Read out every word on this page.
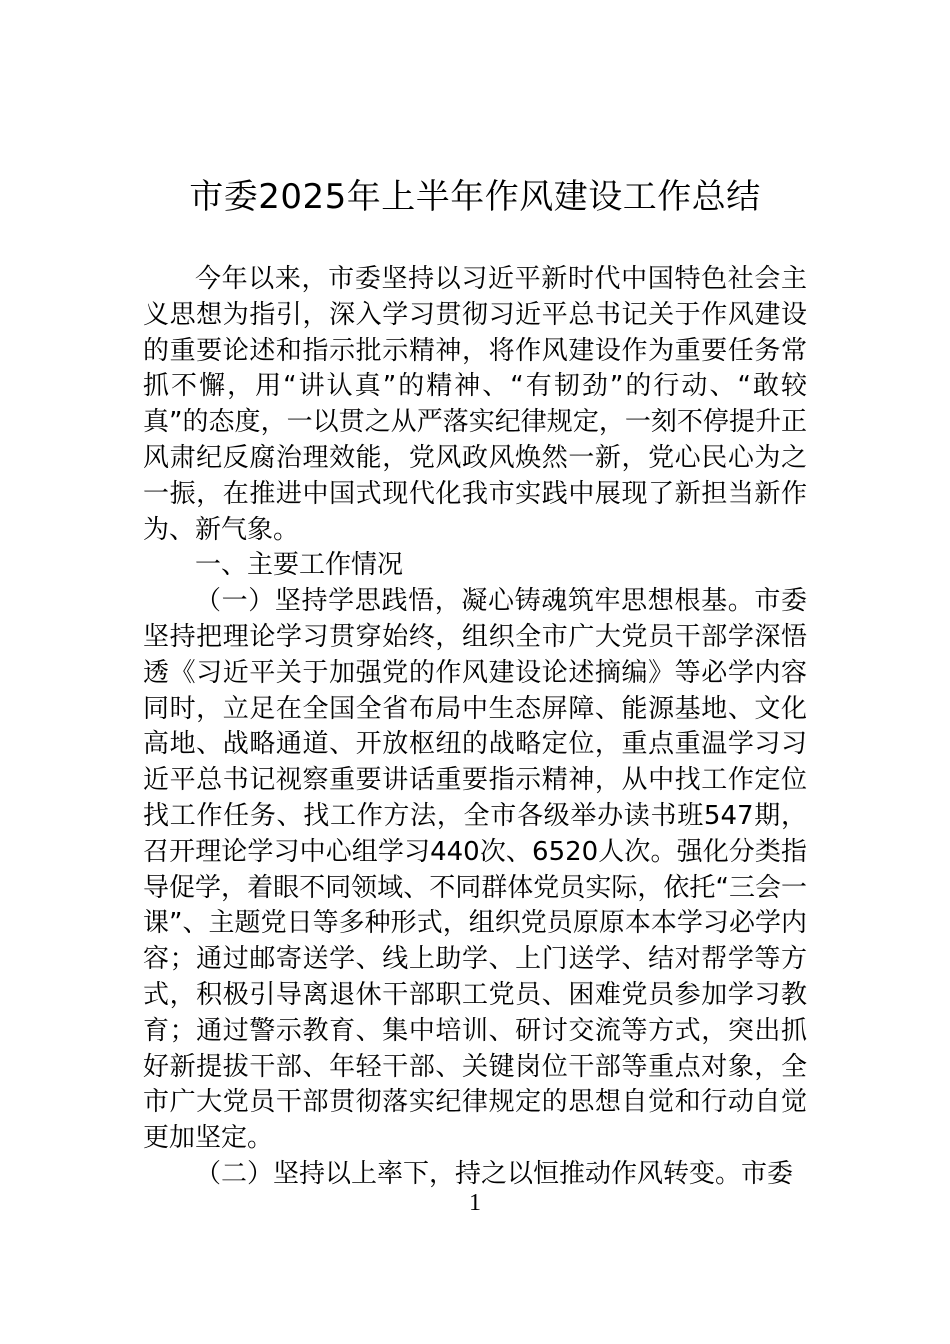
市委2025年上半年作风建设工作总结

今年以来，市委坚持以习近平新时代中国特色社会主义思想为指引，深入学习贯彻习近平总书记关于作风建设的重要论述和指示批示精神，将作风建设作为重要任务常抓不懈，用“讲认真”的精神、“有韧劲”的行动、“敢较真”的态度，一以贯之从严落实纪律规定，一刻不停提升正风肃纪反腐治理效能，党风政风焕然一新，党心民心为之一振，在推进中国式现代化我市实践中展现了新担当新作为、新气象。

一、主要工作情况

（一）坚持学思践悟，凝心铸魂筑牢思想根基。市委坚持把理论学习贯穿始终，组织全市广大党员干部学深悟透《习近平关于加强党的作风建设论述摘编》等必学内容同时，立足在全国全省布局中生态屏障、能源基地、文化高地、战略通道、开放枢纽的战略定位，重点重温学习习近平总书记视察重要讲话重要指示精神，从中找工作定位找工作任务、找工作方法，全市各级举办读书班547期，召开理论学习中心组学习440次、6520人次。强化分类指导促学，着眼不同领域、不同群体党员实际，依托“三会一课”、主题党日等多种形式，组织党员原原本本学习必学内容；通过邮寄送学、线上助学、上门送学、结对帮学等方式，积极引导离退休干部职工党员、困难党员参加学习教育；通过警示教育、集中培训、研讨交流等方式，突出抓好新提拔干部、年轻干部、关键岗位干部等重点对象，全市广大党员干部贯彻落实纪律规定的思想自觉和行动自觉更加坚定。

（二）坚持以上率下，持之以恒推动作风转变。市委

1
